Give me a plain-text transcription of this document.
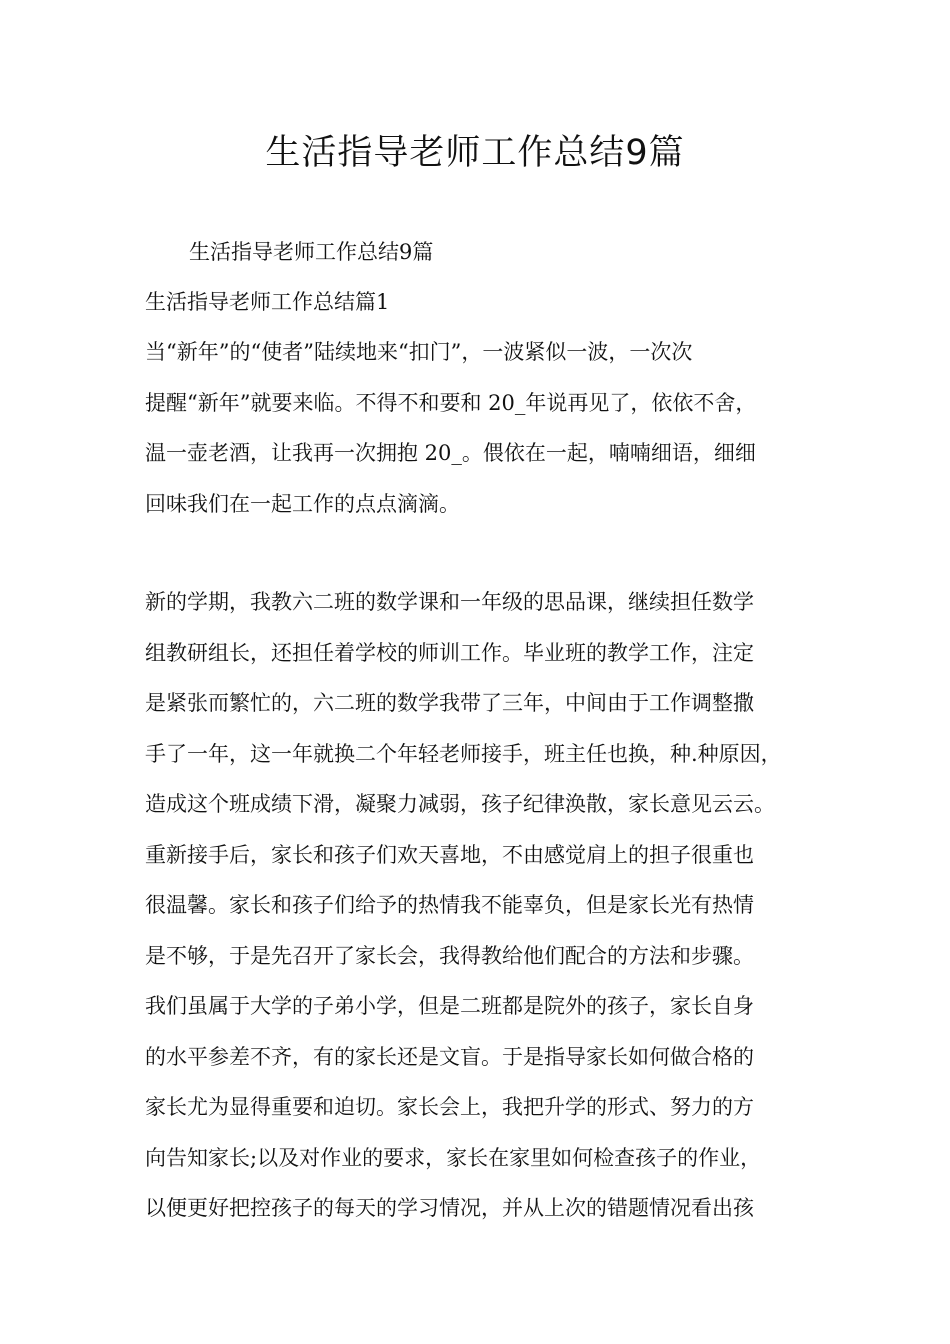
生活指导老师工作总结9篇

生活指导老师工作总结9篇

生活指导老师工作总结篇1

当“新年”的“使者”陆续地来“扣门”，一波紧似一波，一次次
提醒“新年”就要来临。不得不和要和 20_年说再见了，依依不舍，
温一壶老酒，让我再一次拥抱 20_。偎依在一起，喃喃细语，细细
回味我们在一起工作的点点滴滴。

新的学期，我教六二班的数学课和一年级的思品课，继续担任数学
组教研组长，还担任着学校的师训工作。毕业班的教学工作，注定
是紧张而繁忙的，六二班的数学我带了三年，中间由于工作调整撒
手了一年，这一年就换二个年轻老师接手，班主任也换，种.种原因，
造成这个班成绩下滑，凝聚力减弱，孩子纪律涣散，家长意见云云。
重新接手后，家长和孩子们欢天喜地，不由感觉肩上的担子很重也
很温馨。家长和孩子们给予的热情我不能辜负，但是家长光有热情
是不够，于是先召开了家长会，我得教给他们配合的方法和步骤。
我们虽属于大学的子弟小学，但是二班都是院外的孩子，家长自身
的水平参差不齐，有的家长还是文盲。于是指导家长如何做合格的
家长尤为显得重要和迫切。家长会上，我把升学的形式、努力的方
向告知家长;以及对作业的要求，家长在家里如何检查孩子的作业，
以便更好把控孩子的每天的学习情况，并从上次的错题情况看出孩
